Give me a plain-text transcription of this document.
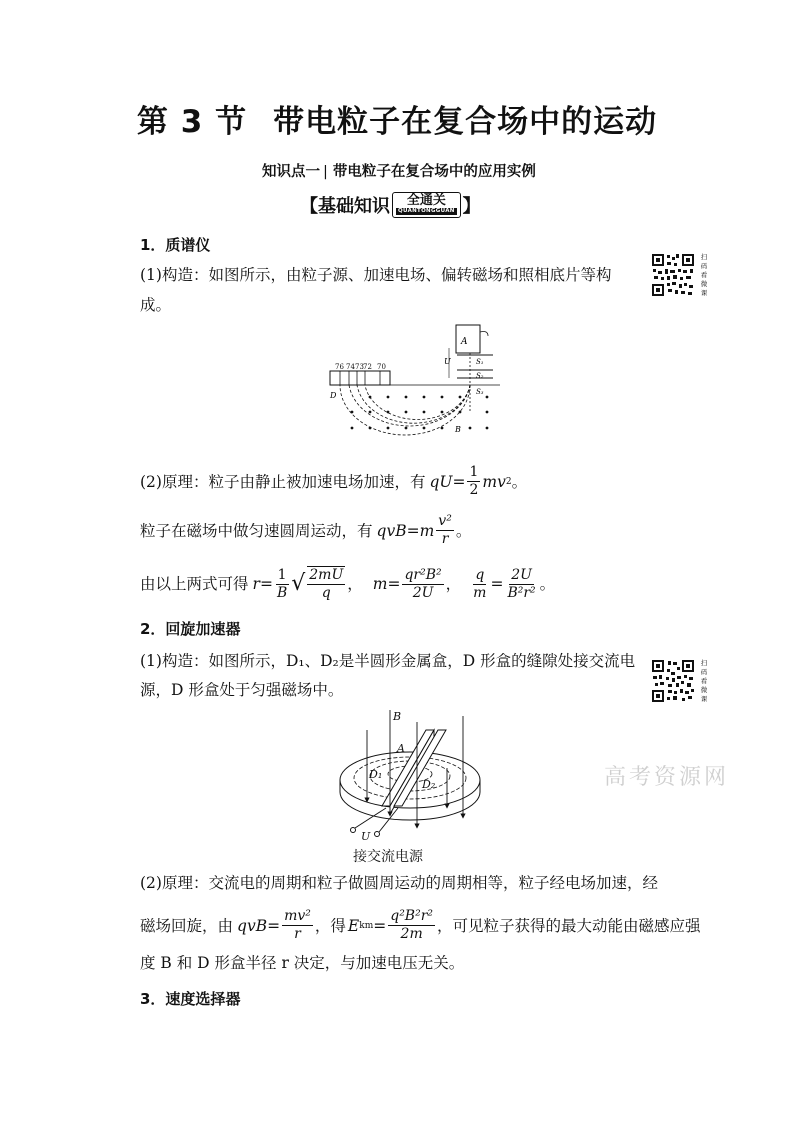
第 3 节 带电粒子在复合场中的运动
知识点一 | 带电粒子在复合场中的应用实例
【基础知识 全通关
QUANTONGGUAN 】
1．质谱仪
(1)构造：如图所示，由粒子源、加速电场、偏转磁场和照相底片等构
成。
扫码看微课
76 74 73 72 70
A
U	S₁
S₂
S₃
D
B
(2)原理：粒子由静止被加速电场加速，有 qU = $\frac{1}{2}$ mv 2 。
粒子在磁场中做匀速圆周运动，有 qvB = m $\frac{\text{v²}}{r}$ 。
由以上两式可得 $r = \frac{1}{B}$ √ $\frac{2mU}{q}$ ， $m = \frac{\text{qr²B²}}{2U}$ ， $\frac{q}{m} = \frac{2U}{\text{B²r²}}$ 。
2．回旋加速器
(1)构造：如图所示，D₁、D₂是半圆形金属盒，D 形盒的缝隙处接交流电
源，D 形盒处于匀强磁场中。
扫码看微课
B
A
D₁
D₂
U
接交流电源
(2)原理：交流电的周期和粒子做圆周运动的周期相等，粒子经电场加速，经
磁场回旋，由 qvB = $\frac{\text{mv²}}{r}$ ，得 E km = $\frac{\text{q²B²r²}}{2m}$ ，可见粒子获得的最大动能由磁感应强
度 B 和 D 形盒半径 r 决定，与加速电压无关。
3．速度选择器
高考资源网
